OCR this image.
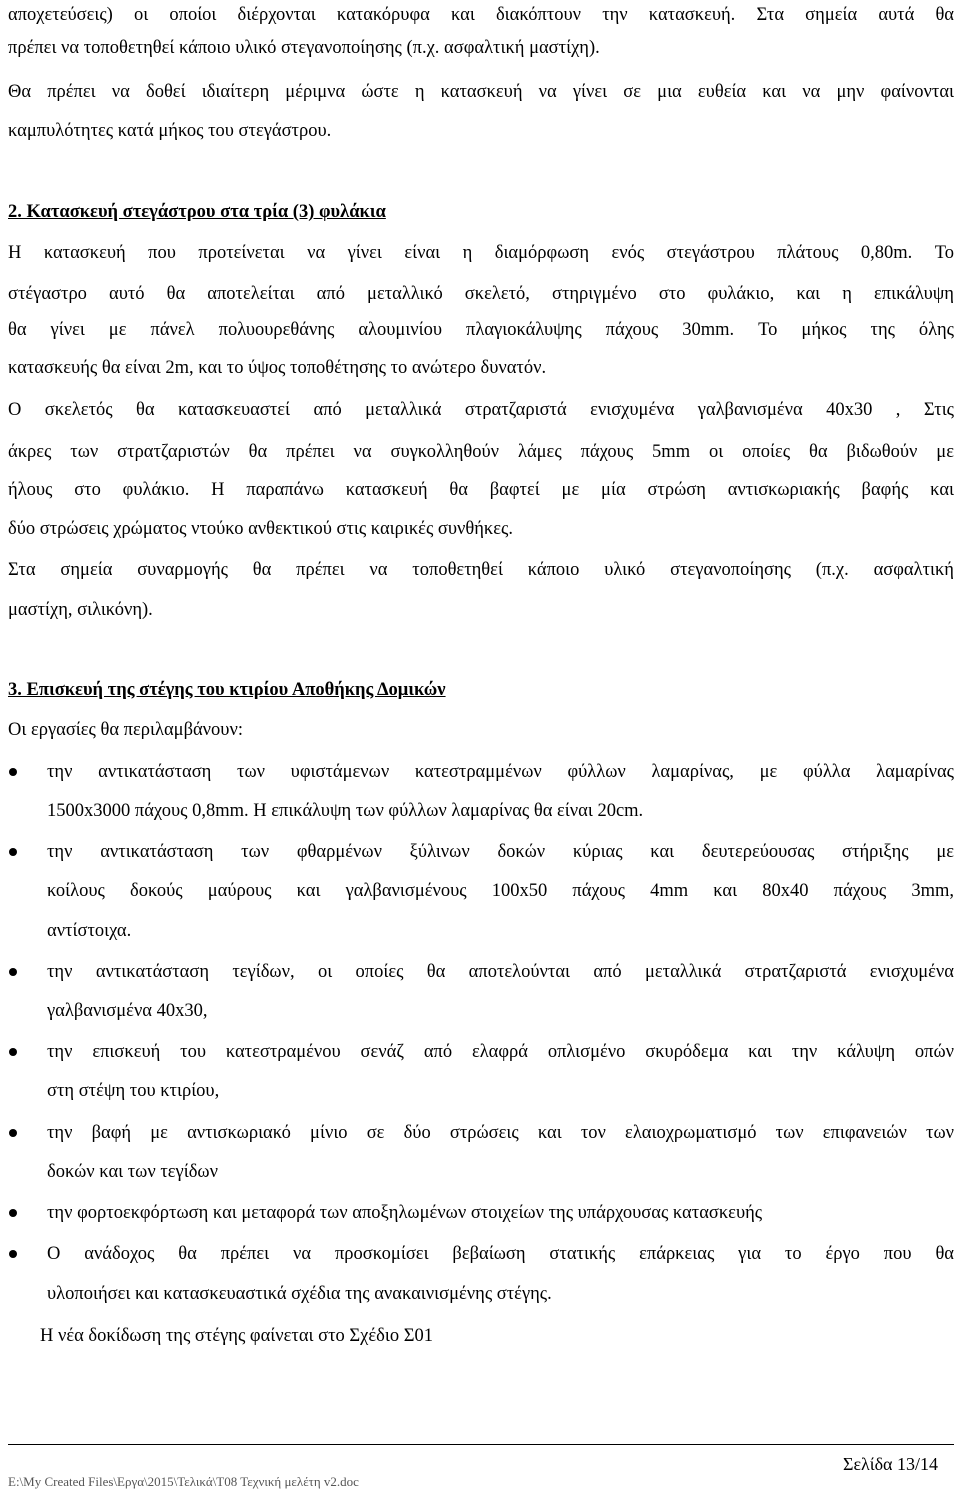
αποχετεύσεις) οι οποίοι διέρχονται κατακόρυφα και διακόπτουν την κατασκευή. Στα σημεία αυτά θα
πρέπει να τοποθετηθεί κάποιο υλικό στεγανοποίησης (π.χ. ασφαλτική μαστίχη).
Θα πρέπει να δοθεί ιδιαίτερη μέριμνα ώστε η κατασκευή να γίνει σε μια ευθεία και να μην φαίνονται
καμπυλότητες κατά μήκος του στεγάστρου.
2. Κατασκευή στεγάστρου στα τρία (3) φυλάκια
Η κατασκευή που προτείνεται να γίνει είναι η διαμόρφωση ενός στεγάστρου πλάτους 0,80m. Το
στέγαστρο αυτό θα αποτελείται από μεταλλικό σκελετό, στηριγμένο στο φυλάκιο, και η επικάλυψη
θα γίνει με πάνελ πολυουρεθάνης αλουμινίου πλαγιοκάλυψης πάχους 30mm. Το μήκος της όλης
κατασκευής θα είναι 2m, και το ύψος τοποθέτησης το ανώτερο δυνατόν.
Ο σκελετός θα κατασκευαστεί από μεταλλικά στρατζαριστά ενισχυμένα γαλβανισμένα 40x30 , Στις
άκρες των στρατζαριστών θα πρέπει να συγκολληθούν λάμες πάχους 5mm οι οποίες θα βιδωθούν με
ήλους στο φυλάκιο. Η παραπάνω κατασκευή θα βαφτεί με μία στρώση αντισκωριακής βαφής και
δύο στρώσεις χρώματος ντούκο ανθεκτικού στις καιρικές συνθήκες.
Στα σημεία συναρμογής θα πρέπει να τοποθετηθεί κάποιο υλικό στεγανοποίησης (π.χ. ασφαλτική
μαστίχη, σιλικόνη).
3. Επισκευή της στέγης του κτιρίου Αποθήκης Δομικών
Οι εργασίες θα περιλαμβάνουν:
την αντικατάσταση των υφιστάμενων κατεστραμμένων φύλλων λαμαρίνας, με φύλλα λαμαρίνας
1500x3000 πάχους 0,8mm. Η επικάλυψη των φύλλων λαμαρίνας θα είναι 20cm.
την αντικατάσταση των φθαρμένων ξύλινων δοκών κύριας και δευτερεύουσας στήριξης με
κοίλους δοκούς μαύρους και γαλβανισμένους 100x50 πάχους 4mm και 80x40 πάχους 3mm,
αντίστοιχα.
την αντικατάσταση τεγίδων, οι οποίες θα αποτελούνται από μεταλλικά στρατζαριστά ενισχυμένα
γαλβανισμένα 40x30,
την επισκευή του κατεστραμένου σενάζ από ελαφρά οπλισμένο σκυρόδεμα και την κάλυψη οπών
στη στέψη του κτιρίου,
την βαφή με αντισκωριακό μίνιο σε δύο στρώσεις και τον ελαιοχρωματισμό των επιφανειών των
δοκών και των τεγίδων
την φορτοεκφόρτωση και μεταφορά των αποξηλωμένων στοιχείων της υπάρχουσας κατασκευής
Ο ανάδοχος θα πρέπει να προσκομίσει βεβαίωση στατικής επάρκειας για το έργο που θα
υλοποιήσει και κατασκευαστικά σχέδια της ανακαινισμένης στέγης.
Η νέα δοκίδωση της στέγης φαίνεται στο Σχέδιο Σ01
Σελίδα 13/14
E:\My Created Files\Εργα\2015\Τελικά\Τ08 Τεχνική μελέτη v2.doc
